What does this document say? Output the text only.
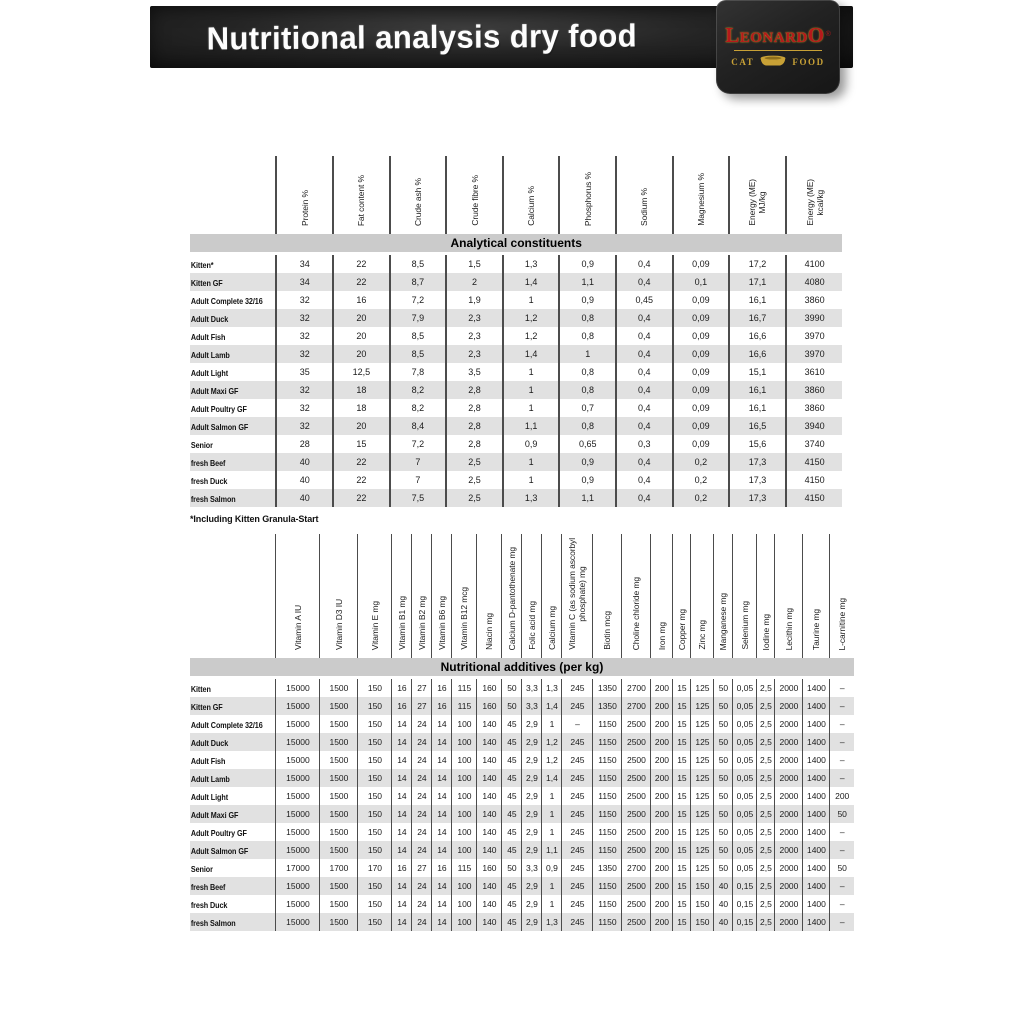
Nutritional analysis dry food	LeonardO®
CAT	FOOD

	Protein %	Fat content %	Crude ash %	Crude fibre %	Calcium %	Phosphorus %	Sodium %	Magnesium %	Energy (ME) MJ/kg	Energy (ME) kcal/kg

Analytical constituents										
Kitten*	34	22	8,5	1,5	1,3	0,9	0,4	0,09	17,2	4100
Kitten GF	34	22	8,7	2	1,4	1,1	0,4	0,1	17,1	4080
Adult Complete 32/16	32	16	7,2	1,9	1	0,9	0,45	0,09	16,1	3860
Adult Duck	32	20	7,9	2,3	1,2	0,8	0,4	0,09	16,7	3990
Adult Fish	32	20	8,5	2,3	1,2	0,8	0,4	0,09	16,6	3970
Adult Lamb	32	20	8,5	2,3	1,4	1	0,4	0,09	16,6	3970
Adult Light	35	12,5	7,8	3,5	1	0,8	0,4	0,09	15,1	3610
Adult Maxi GF	32	18	8,2	2,8	1	0,8	0,4	0,09	16,1	3860
Adult Poultry GF	32	18	8,2	2,8	1	0,7	0,4	0,09	16,1	3860
Adult Salmon GF	32	20	8,4	2,8	1,1	0,8	0,4	0,09	16,5	3940
Senior	28	15	7,2	2,8	0,9	0,65	0,3	0,09	15,6	3740
fresh Beef	40	22	7	2,5	1	0,9	0,4	0,2	17,3	4150
fresh Duck	40	22	7	2,5	1	0,9	0,4	0,2	17,3	4150
fresh Salmon	40	22	7,5	2,5	1,3	1,1	0,4	0,2	17,3	4150
*Including Kitten Granula-Start

	Vitamin A IU	Vitamin D3 IU	Vitamin E mg	Vitamin B1 mg	Vitamin B2 mg	Vitamin B6 mg	Vitamin B12 mcg	Niacin mg	Calcium D-pantothenate mg	Folic acid mg	Calcium mg	Vitamin C (as sodium ascorbyl phosphate) mg	Biotin mcg	Choline chloride mg	Iron mg	Copper mg	Zinc mg	Manganese mg	Selenium mg	Iodine mg	Lecithin mg	Taurine mg	L-carnitine mg

Nutritional additives (per kg)																							
Kitten	15000	1500	150	16	27	16	115	160	50	3,3	1,3	245	1350	2700	200	15	125	50	0,05	2,5	2000	1400	–
Kitten GF	15000	1500	150	16	27	16	115	160	50	3,3	1,4	245	1350	2700	200	15	125	50	0,05	2,5	2000	1400	–
Adult Complete 32/16	15000	1500	150	14	24	14	100	140	45	2,9	1	–	1150	2500	200	15	125	50	0,05	2,5	2000	1400	–
Adult Duck	15000	1500	150	14	24	14	100	140	45	2,9	1,2	245	1150	2500	200	15	125	50	0,05	2,5	2000	1400	–
Adult Fish	15000	1500	150	14	24	14	100	140	45	2,9	1,2	245	1150	2500	200	15	125	50	0,05	2,5	2000	1400	–
Adult Lamb	15000	1500	150	14	24	14	100	140	45	2,9	1,4	245	1150	2500	200	15	125	50	0,05	2,5	2000	1400	–
Adult Light	15000	1500	150	14	24	14	100	140	45	2,9	1	245	1150	2500	200	15	125	50	0,05	2,5	2000	1400	200
Adult Maxi GF	15000	1500	150	14	24	14	100	140	45	2,9	1	245	1150	2500	200	15	125	50	0,05	2,5	2000	1400	50
Adult Poultry GF	15000	1500	150	14	24	14	100	140	45	2,9	1	245	1150	2500	200	15	125	50	0,05	2,5	2000	1400	–
Adult Salmon GF	15000	1500	150	14	24	14	100	140	45	2,9	1,1	245	1150	2500	200	15	125	50	0,05	2,5	2000	1400	–
Senior	17000	1700	170	16	27	16	115	160	50	3,3	0,9	245	1350	2700	200	15	125	50	0,05	2,5	2000	1400	50
fresh Beef	15000	1500	150	14	24	14	100	140	45	2,9	1	245	1150	2500	200	15	150	40	0,15	2,5	2000	1400	–
fresh Duck	15000	1500	150	14	24	14	100	140	45	2,9	1	245	1150	2500	200	15	150	40	0,15	2,5	2000	1400	–
fresh Salmon	15000	1500	150	14	24	14	100	140	45	2,9	1,3	245	1150	2500	200	15	150	40	0,15	2,5	2000	1400	–
